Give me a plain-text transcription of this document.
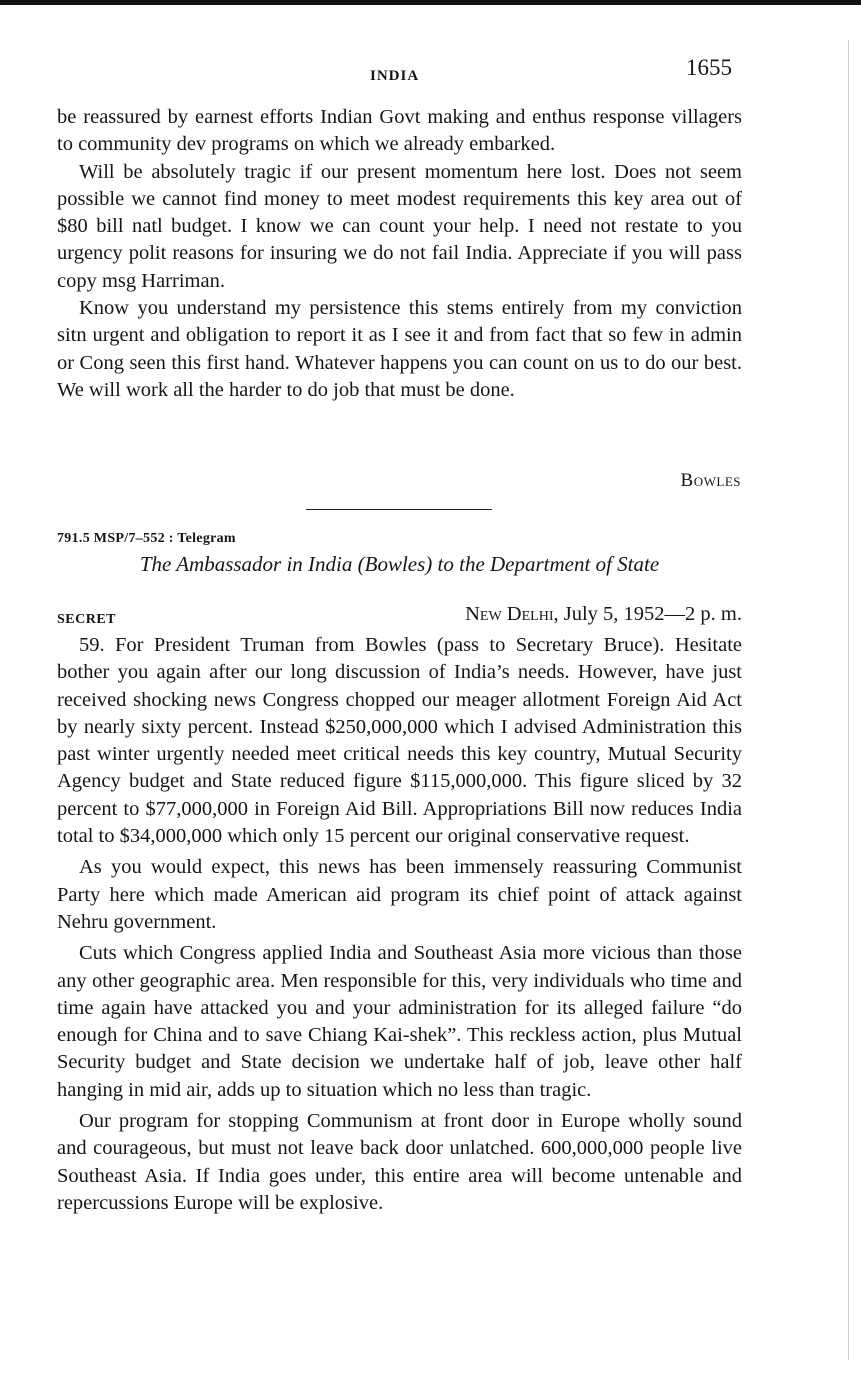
INDIA	1655

be reassured by earnest efforts Indian Govt making and enthus response villagers to community dev programs on which we already embarked.

Will be absolutely tragic if our present momentum here lost. Does not seem possible we cannot find money to meet modest requirements this key area out of $80 bill natl budget. I know we can count your help. I need not restate to you urgency polit reasons for insuring we do not fail India. Appreciate if you will pass copy msg Harriman.

Know you understand my persistence this stems entirely from my conviction sitn urgent and obligation to report it as I see it and from fact that so few in admin or Cong seen this first hand. Whatever happens you can count on us to do our best. We will work all the harder to do job that must be done.

Bowles
791.5 MSP/7–552 : Telegram
The Ambassador in India (Bowles) to the Department of State
SECRET	New Delhi, July 5, 1952—2 p. m.

59. For President Truman from Bowles (pass to Secretary Bruce). Hesitate bother you again after our long discussion of India’s needs. However, have just received shocking news Congress chopped our meager allotment Foreign Aid Act by nearly sixty percent. Instead $250,000,000 which I advised Administration this past winter urgently needed meet critical needs this key country, Mutual Security Agency budget and State reduced figure $115,000,000. This figure sliced by 32 percent to $77,000,000 in Foreign Aid Bill. Appropriations Bill now reduces India total to $34,000,000 which only 15 percent our original conservative request.

As you would expect, this news has been immensely reassuring Communist Party here which made American aid program its chief point of attack against Nehru government.

Cuts which Congress applied India and Southeast Asia more vicious than those any other geographic area. Men responsible for this, very individuals who time and time again have attacked you and your administration for its alleged failure “do enough for China and to save Chiang Kai-shek”. This reckless action, plus Mutual Security budget and State decision we undertake half of job, leave other half hanging in mid air, adds up to situation which no less than tragic.

Our program for stopping Communism at front door in Europe wholly sound and courageous, but must not leave back door unlatched. 600,000,000 people live Southeast Asia. If India goes under, this entire area will become untenable and repercussions Europe will be explosive.
